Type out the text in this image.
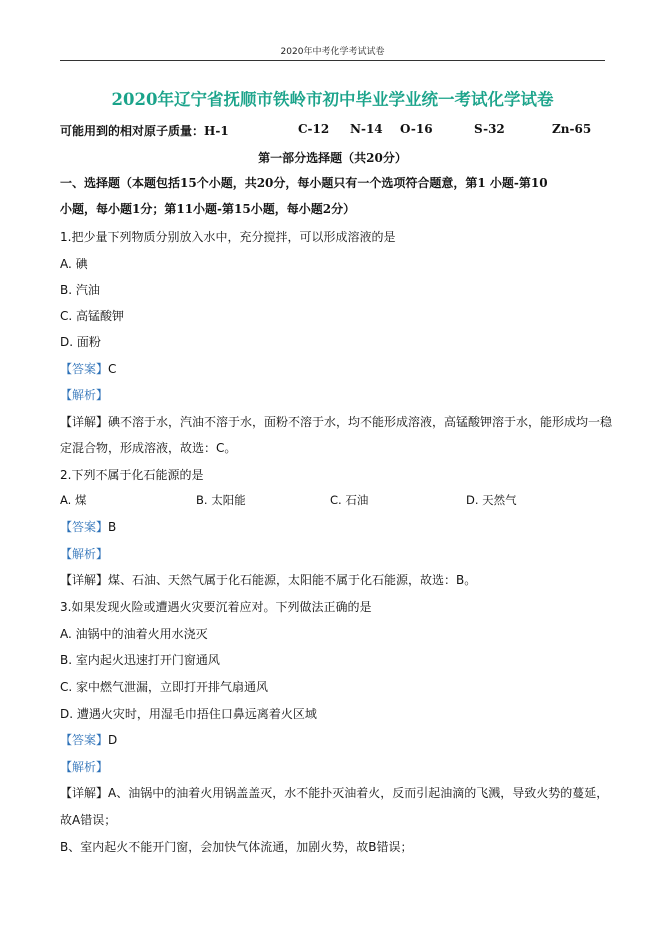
2020年中考化学考试试卷
2020年辽宁省抚顺市铁岭市初中毕业学业统一考试化学试卷
可能用到的相对原子质量：H-1	C-12 N-14 O-16	S-32	Zn-65
第一部分选择题（共20分）
一、选择题（本题包括15个小题，共20分，每小题只有一个选项符合题意，第1 小题-第10
小题，每小题1分；第11小题-第15小题，每小题2分）
1.把少量下列物质分别放入水中，充分搅拌，可以形成溶液的是
A. 碘
B. 汽油
C. 高锰酸钾
D. 面粉
【答案】C
【解析】
【详解】碘不溶于水，汽油不溶于水，面粉不溶于水，均不能形成溶液，高锰酸钾溶于水，能形成均一稳
定混合物，形成溶液，故选：C。
2.下列不属于化石能源的是
A. 煤	B. 太阳能	C. 石油	D. 天然气
【答案】B
【解析】
【详解】煤、石油、天然气属于化石能源，太阳能不属于化石能源，故选：B。
3.如果发现火险或遭遇火灾要沉着应对。下列做法正确的是
A. 油锅中的油着火用水浇灭
B. 室内起火迅速打开门窗通风
C. 家中燃气泄漏，立即打开排气扇通风
D. 遭遇火灾时，用湿毛巾捂住口鼻远离着火区域
【答案】D
【解析】
【详解】A、油锅中的油着火用锅盖盖灭，水不能扑灭油着火，反而引起油滴的飞溅，导致火势的蔓延，
故A错误；
B、室内起火不能开门窗，会加快气体流通，加剧火势，故B错误；
